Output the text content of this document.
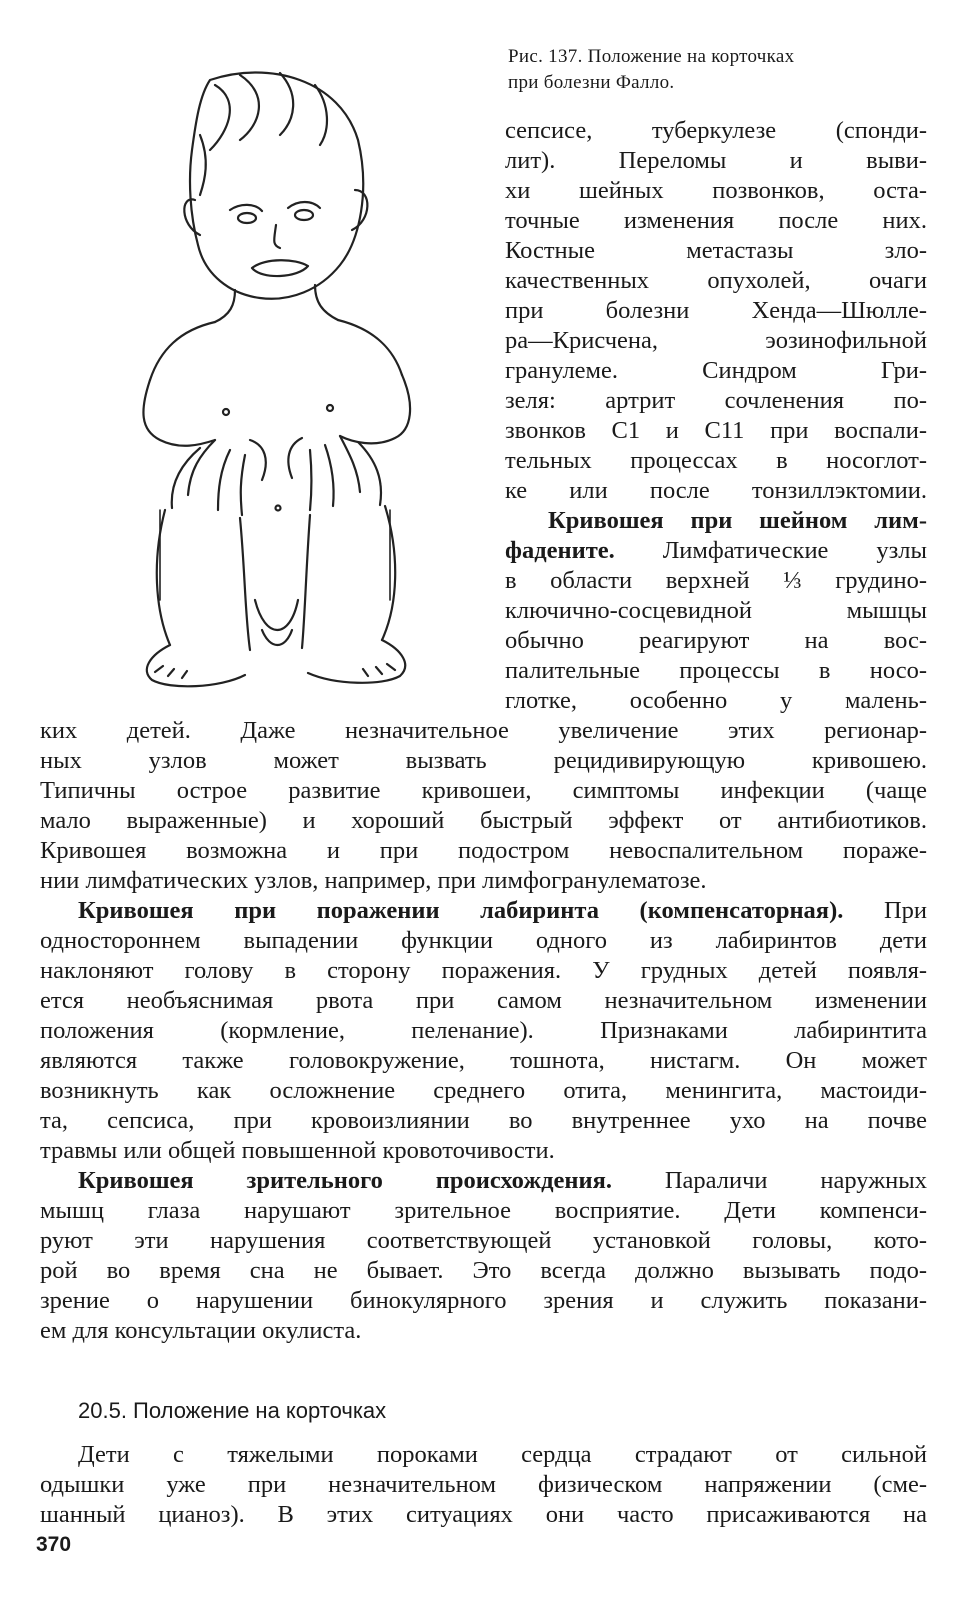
Рис. 137. Положение на корточках
при болезни Фалло.
сепсисе, туберкулезе (спонди-
лит). Переломы и выви-
хи шейных позвонков, оста-
точные изменения после них.
Костные метастазы зло-
качественных опухолей, очаги
при болезни Хенда—Шюлле-
ра—Крисчена, эозинофильной
гранулеме. Синдром Гри-
зеля: артрит сочленения по-
звонков C1 и C11 при воспали-
тельных процессах в носоглот-
ке или после тонзиллэктомии.
Кривошея при шейном лим-
фадените. Лимфатические узлы
в области верхней ⅓ грудино-
ключично-сосцевидной мышцы
обычно реагируют на вос-
палительные процессы в носо-
глотке, особенно у малень-
ких детей. Даже незначительное увеличение этих регионар-
ных узлов может вызвать рецидивирующую кривошею.
Типичны острое развитие кривошеи, симптомы инфекции (чаще
мало выраженные) и хороший быстрый эффект от антибиотиков.
Кривошея возможна и при подостром невоспалительном пораже-
нии лимфатических узлов, например, при лимфогранулематозе.
Кривошея при поражении лабиринта (компенсаторная). При
одностороннем выпадении функции одного из лабиринтов дети
наклоняют голову в сторону поражения. У грудных детей появля-
ется необъяснимая рвота при самом незначительном изменении
положения (кормление, пеленание). Признаками лабиринтита
являются также головокружение, тошнота, нистагм. Он может
возникнуть как осложнение среднего отита, менингита, мастоиди-
та, сепсиса, при кровоизлиянии во внутреннее ухо на почве
травмы или общей повышенной кровоточивости.
Кривошея зрительного происхождения. Параличи наружных
мышц глаза нарушают зрительное восприятие. Дети компенси-
руют эти нарушения соответствующей установкой головы, кото-
рой во время сна не бывает. Это всегда должно вызывать подо-
зрение о нарушении бинокулярного зрения и служить показани-
ем для консультации окулиста.
20.5. Положение на корточках
Дети с тяжелыми пороками сердца страдают от сильной
одышки уже при незначительном физическом напряжении (сме-
шанный цианоз). В этих ситуациях они часто присаживаются на
370
